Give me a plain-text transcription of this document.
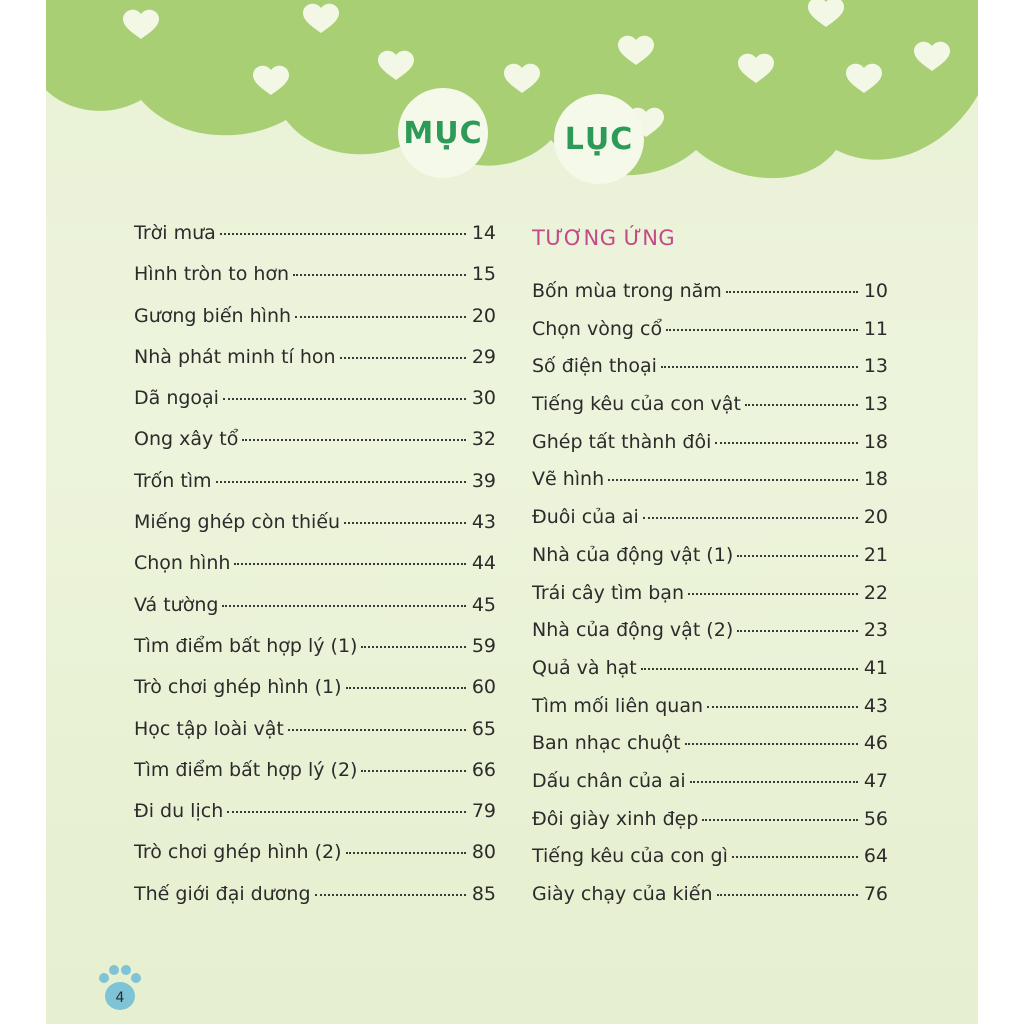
MỤC	LỤC
4
Trời mưa	14
Hình tròn to hơn	15
Gương biến hình	20
Nhà phát minh tí hon	29
Dã ngoại	30
Ong xây tổ	32
Trốn tìm	39
Miếng ghép còn thiếu	43
Chọn hình	44
Vá tường	45
Tìm điểm bất hợp lý (1)	59
Trò chơi ghép hình (1)	60
Học tập loài vật	65
Tìm điểm bất hợp lý (2)	66
Đi du lịch	79
Trò chơi ghép hình (2)	80
Thế giới đại dương	85
TƯƠNG ỨNG
Bốn mùa trong năm	10
Chọn vòng cổ	11
Số điện thoại	13
Tiếng kêu của con vật	13
Ghép tất thành đôi	18
Vẽ hình	18
Đuôi của ai	20
Nhà của động vật (1)	21
Trái cây tìm bạn	22
Nhà của động vật (2)	23
Quả và hạt	41
Tìm mối liên quan	43
Ban nhạc chuột	46
Dấu chân của ai	47
Đôi giày xinh đẹp	56
Tiếng kêu của con gì	64
Giày chạy của kiến	76
